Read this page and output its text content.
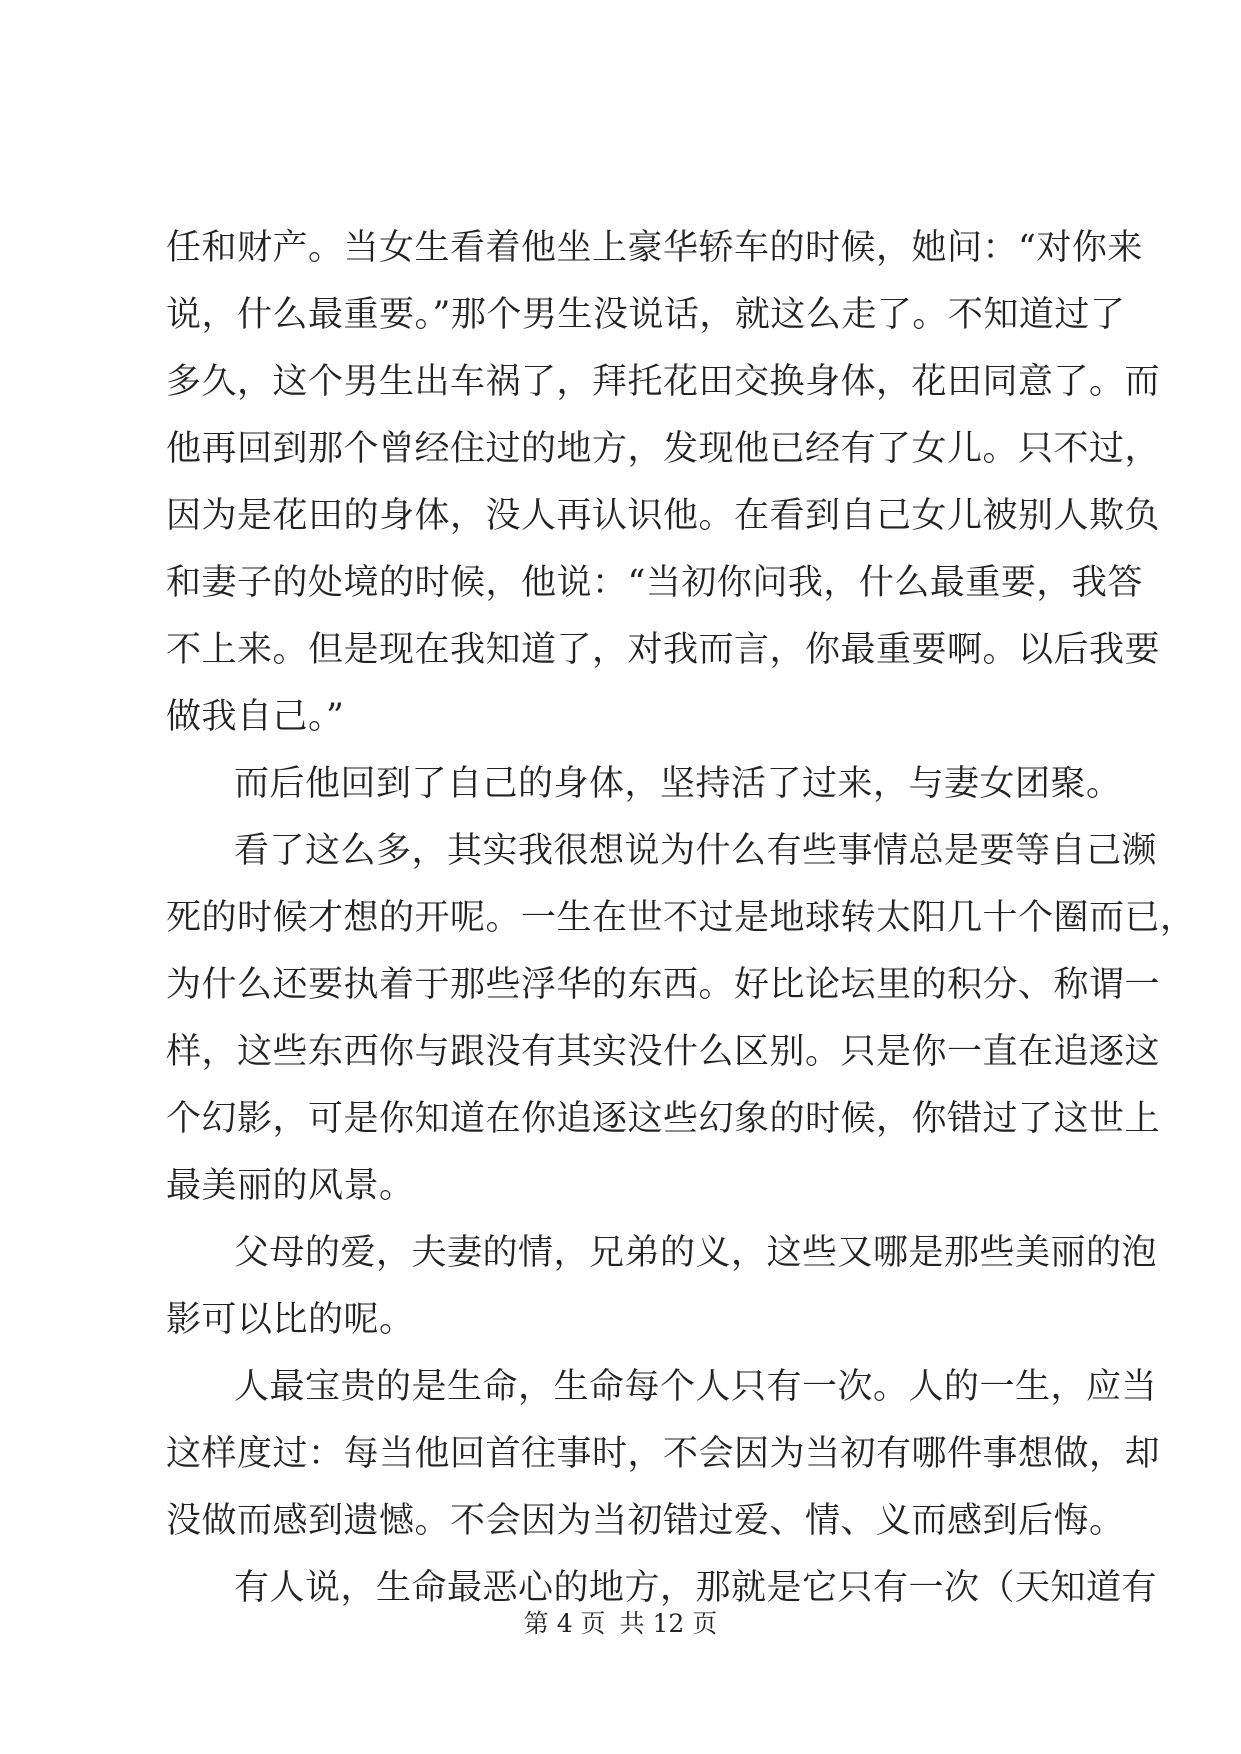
任和财产。当女生看着他坐上豪华轿车的时候，她问：“对你来
说，什么最重要。”那个男生没说话，就这么走了。不知道过了
多久，这个男生出车祸了，拜托花田交换身体，花田同意了。而
他再回到那个曾经住过的地方，发现他已经有了女儿。只不过，
因为是花田的身体，没人再认识他。在看到自己女儿被别人欺负
和妻子的处境的时候，他说：“当初你问我，什么最重要，我答
不上来。但是现在我知道了，对我而言，你最重要啊。以后我要
做我自己。”
而后他回到了自己的身体，坚持活了过来，与妻女团聚。
看了这么多，其实我很想说为什么有些事情总是要等自己濒
死的时候才想的开呢。一生在世不过是地球转太阳几十个圈而已，
为什么还要执着于那些浮华的东西。好比论坛里的积分、称谓一
样，这些东西你与跟没有其实没什么区别。只是你一直在追逐这
个幻影，可是你知道在你追逐这些幻象的时候，你错过了这世上
最美丽的风景。
父母的爱，夫妻的情，兄弟的义，这些又哪是那些美丽的泡
影可以比的呢。
人最宝贵的是生命，生命每个人只有一次。人的一生，应当
这样度过：每当他回首往事时，不会因为当初有哪件事想做，却
没做而感到遗憾。不会因为当初错过爱、情、义而感到后悔。
有人说，生命最恶心的地方，那就是它只有一次（天知道有
第 4 页 共 12 页
